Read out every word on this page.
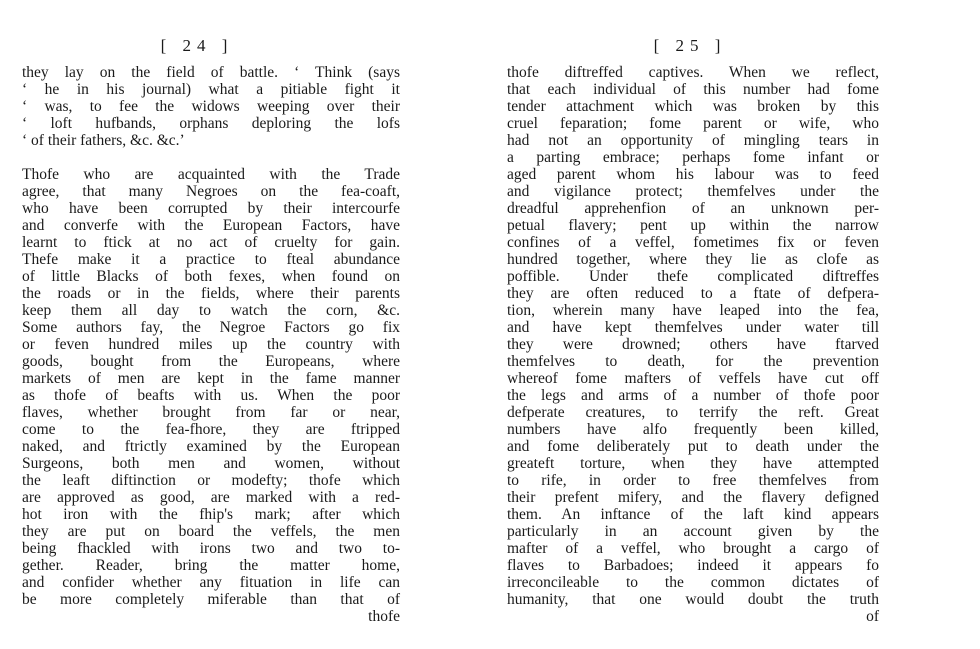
[ 24 ]
they lay on the field of battle. ‘ Think (says
‘ he in his journal) what a pitiable fight it
‘ was, to fee the widows weeping over their
‘ loft hufbands, orphans deploring the lofs
‘ of their fathers, &c. &c.’
Thofe who are acquainted with the Trade
agree, that many Negroes on the fea-coaft,
who have been corrupted by their intercourfe
and converfe with the European Factors, have
learnt to ftick at no act of cruelty for gain.
Thefe make it a practice to fteal abundance
of little Blacks of both fexes, when found on
the roads or in the fields, where their parents
keep them all day to watch the corn, &c.
Some authors fay, the Negroe Factors go fix
or feven hundred miles up the country with
goods, bought from the Europeans, where
markets of men are kept in the fame manner
as thofe of beafts with us. When the poor
flaves, whether brought from far or near,
come to the fea-fhore, they are ftripped
naked, and ftrictly examined by the European
Surgeons, both men and women, without
the leaft diftinction or modefty; thofe which
are approved as good, are marked with a red-
hot iron with the fhip's mark; after which
they are put on board the veffels, the men
being fhackled with irons two and two to-
gether. Reader, bring the matter home,
and confider whether any fituation in life can
be more completely miferable than that of
thofe
[ 25 ]
thofe diftreffed captives. When we reflect,
that each individual of this number had fome
tender attachment which was broken by this
cruel feparation; fome parent or wife, who
had not an opportunity of mingling tears in
a parting embrace; perhaps fome infant or
aged parent whom his labour was to feed
and vigilance protect; themfelves under the
dreadful apprehenfion of an unknown per-
petual flavery; pent up within the narrow
confines of a veffel, fometimes fix or feven
hundred together, where they lie as clofe as
poffible. Under thefe complicated diftreffes
they are often reduced to a ftate of defpera-
tion, wherein many have leaped into the fea,
and have kept themfelves under water till
they were drowned; others have ftarved
themfelves to death, for the prevention
whereof fome mafters of veffels have cut off
the legs and arms of a number of thofe poor
defperate creatures, to terrify the reft. Great
numbers have alfo frequently been killed,
and fome deliberately put to death under the
greateft torture, when they have attempted
to rife, in order to free themfelves from
their prefent mifery, and the flavery defigned
them. An inftance of the laft kind appears
particularly in an account given by the
mafter of a veffel, who brought a cargo of
flaves to Barbadoes; indeed it appears fo
irreconcileable to the common dictates of
humanity, that one would doubt the truth
of
